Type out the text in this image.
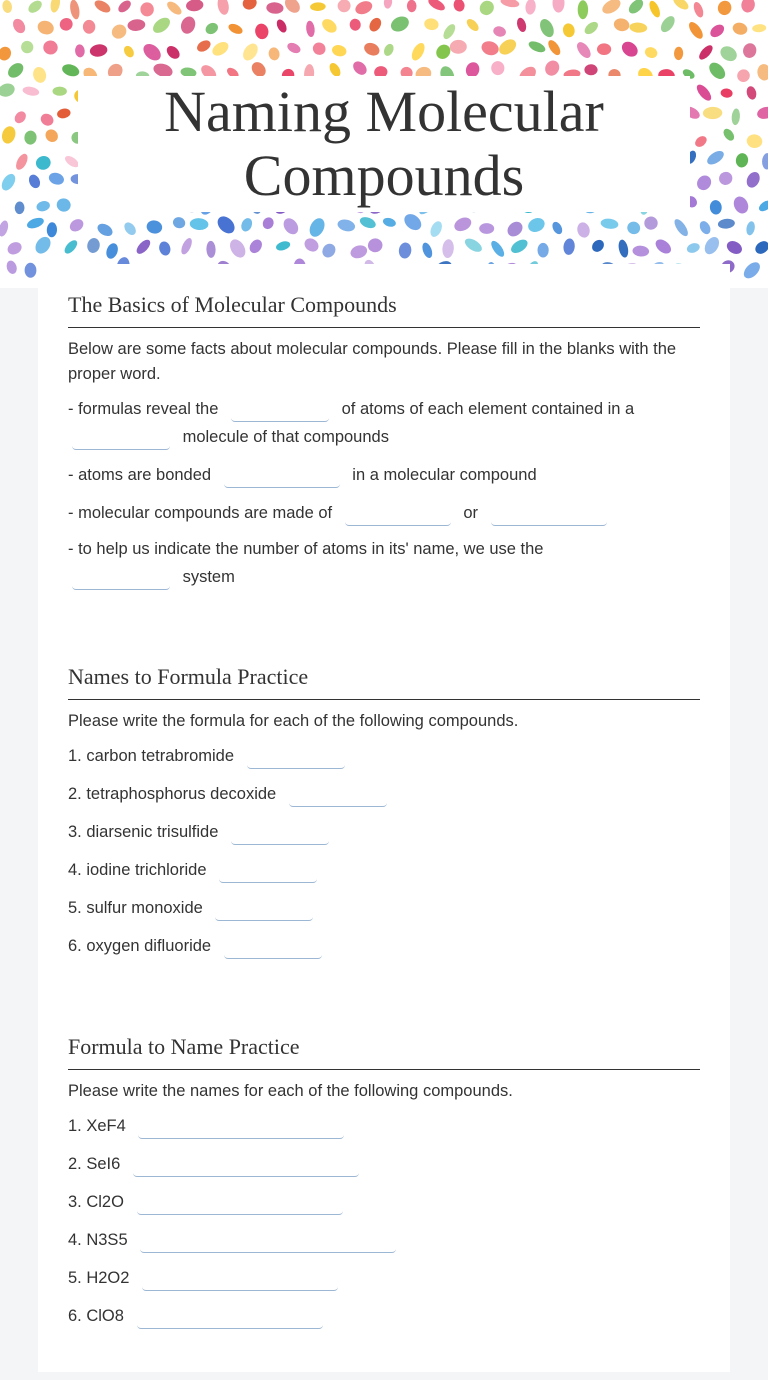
Naming Molecular
Compounds
The Basics of Molecular Compounds

Below are some facts about molecular compounds. Please fill in the blanks with the proper word.

- formulas reveal the	of atoms of each element contained in a

molecule of that compounds

- atoms are bonded	in a molecular compound

- molecular compounds are made of	or

- to help us indicate the number of atoms in its' name, we use the

system

Names to Formula Practice

Please write the formula for each of the following compounds.

1. carbon tetrabromide
2. tetraphosphorus decoxide
3. diarsenic trisulfide
4. iodine trichloride
5. sulfur monoxide
6. oxygen difluoride
Formula to Name Practice

Please write the names for each of the following compounds.

1. XeF4
2. SeI6
3. Cl2O
4. N3S5
5. H2O2
6. ClO8
